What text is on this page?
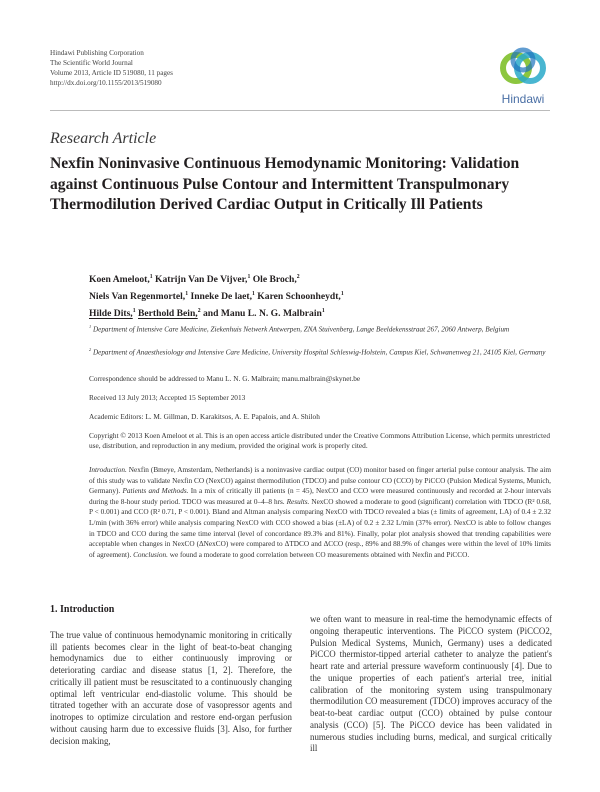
Hindawi Publishing Corporation
The Scientific World Journal
Volume 2013, Article ID 519080, 11 pages
http://dx.doi.org/10.1155/2013/519080
Hindawi
Research Article
Nexfin Noninvasive Continuous Hemodynamic Monitoring: Validation against Continuous Pulse Contour and Intermittent Transpulmonary Thermodilution Derived Cardiac Output in Critically Ill Patients
Koen Ameloot,$^1$ Katrijn Van De Vijver,$^1$ Ole Broch,$^2$
Niels Van Regenmortel,$^1$ Inneke De laet,$^1$ Karen Schoonheydt,$^1$
Hilde Dits,$^1$ Berthold Bein,$^2$ and Manu L. N. G. Malbrain$^1$
$^1$ Department of Intensive Care Medicine, Ziekenhuis Netwerk Antwerpen, ZNA Stuivenberg, Lange Beeldekensstraat 267, 2060 Antwerp, Belgium
$^2$ Department of Anaesthesiology and Intensive Care Medicine, University Hospital Schleswig-Holstein, Campus Kiel, Schwanenweg 21, 24105 Kiel, Germany
Correspondence should be addressed to Manu L. N. G. Malbrain; manu.malbrain@skynet.be
Received 13 July 2013; Accepted 15 September 2013
Academic Editors: L. M. Gillman, D. Karakitsos, A. E. Papalois, and A. Shiloh
Copyright © 2013 Koen Ameloot et al. This is an open access article distributed under the Creative Commons Attribution License, which permits unrestricted use, distribution, and reproduction in any medium, provided the original work is properly cited.
Introduction. Nexfin (Bmeye, Amsterdam, Netherlands) is a noninvasive cardiac output (CO) monitor based on finger arterial pulse contour analysis. The aim of this study was to validate Nexfin CO (NexCO) against thermodilution (TDCO) and pulse contour CO (CCO) by PiCCO (Pulsion Medical Systems, Munich, Germany). Patients and Methods. In a mix of critically ill patients (n = 45), NexCO and CCO were measured continuously and recorded at 2-hour intervals during the 8-hour study period. TDCO was measured at 0–4–8 hrs. Results. NexCO showed a moderate to good (significant) correlation with TDCO (R² 0.68, P < 0.001) and CCO (R² 0.71, P < 0.001). Bland and Altman analysis comparing NexCO with TDCO revealed a bias (± limits of agreement, LA) of 0.4 ± 2.32 L/min (with 36% error) while analysis comparing NexCO with CCO showed a bias (±LA) of 0.2 ± 2.32 L/min (37% error). NexCO is able to follow changes in TDCO and CCO during the same time interval (level of concordance 89.3% and 81%). Finally, polar plot analysis showed that trending capabilities were acceptable when changes in NexCO (ΔNexCO) were compared to ΔTDCO and ΔCCO (resp., 89% and 88.9% of changes were within the level of 10% limits of agreement). Conclusion. we found a moderate to good correlation between CO measurements obtained with Nexfin and PiCCO.
1. Introduction

The true value of continuous hemodynamic monitoring in critically ill patients becomes clear in the light of beat-to-beat changing hemodynamics due to either continuously improving or deteriorating cardiac and disease status [1, 2]. Therefore, the critically ill patient must be resuscitated to a continuously changing optimal left ventricular end-diastolic volume. This should be titrated together with an accurate dose of vasopressor agents and inotropes to optimize circulation and restore end-organ perfusion without causing harm due to excessive fluids [3]. Also, for further decision making,

we often want to measure in real-time the hemodynamic effects of ongoing therapeutic interventions. The PiCCO system (PiCCO2, Pulsion Medical Systems, Munich, Germany) uses a dedicated PiCCO thermistor-tipped arterial catheter to analyze the patient's heart rate and arterial pressure waveform continuously [4]. Due to the unique properties of each patient's arterial tree, initial calibration of the monitoring system using transpulmonary thermodilution CO measurement (TDCO) improves accuracy of the beat-to-beat cardiac output (CCO) obtained by pulse contour analysis (CCO) [5]. The PiCCO device has been validated in numerous studies including burns, medical, and surgical critically ill
